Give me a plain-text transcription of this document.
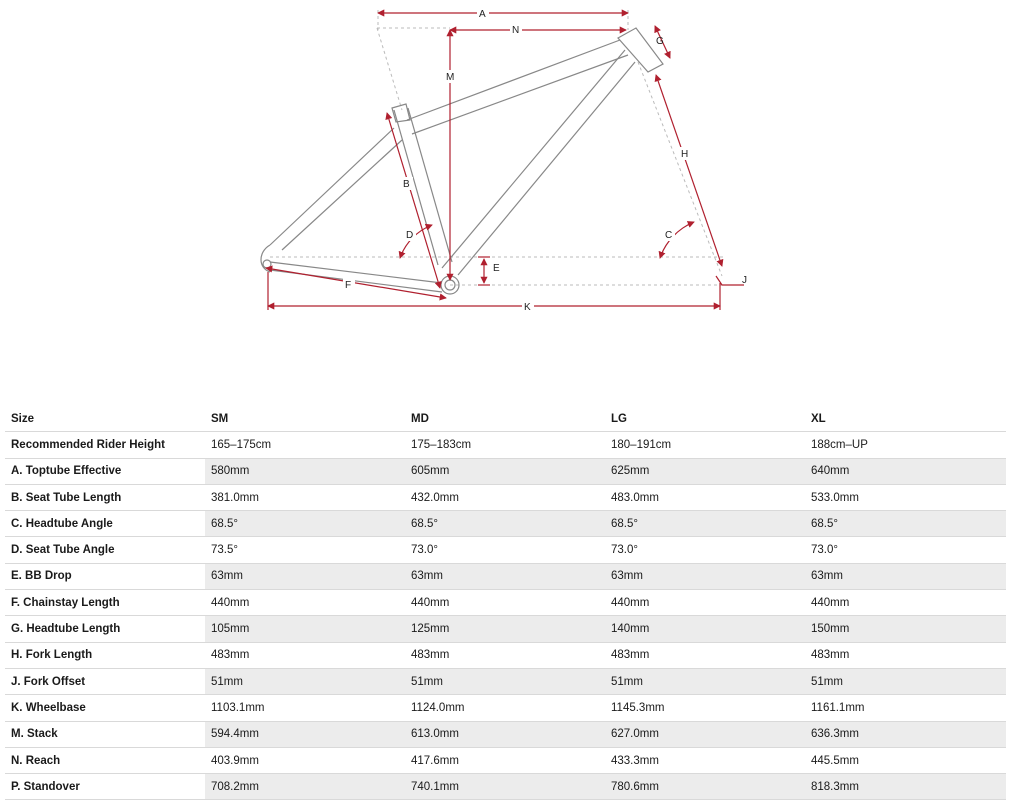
A
N
M
G
H
B
D	C
E
J
F
K
Size	SM	MD	LG	XL
Recommended Rider Height	165–175cm	175–183cm	180–191cm	188cm–UP
A. Toptube Effective	580mm	605mm	625mm	640mm
B. Seat Tube Length	381.0mm	432.0mm	483.0mm	533.0mm
C. Headtube Angle	68.5°	68.5°	68.5°	68.5°
D. Seat Tube Angle	73.5°	73.0°	73.0°	73.0°
E. BB Drop	63mm	63mm	63mm	63mm
F. Chainstay Length	440mm	440mm	440mm	440mm
G. Headtube Length	105mm	125mm	140mm	150mm
H. Fork Length	483mm	483mm	483mm	483mm
J. Fork Offset	51mm	51mm	51mm	51mm
K. Wheelbase	1103.1mm	1124.0mm	1145.3mm	1161.1mm
M. Stack	594.4mm	613.0mm	627.0mm	636.3mm
N. Reach	403.9mm	417.6mm	433.3mm	445.5mm
P. Standover	708.2mm	740.1mm	780.6mm	818.3mm
